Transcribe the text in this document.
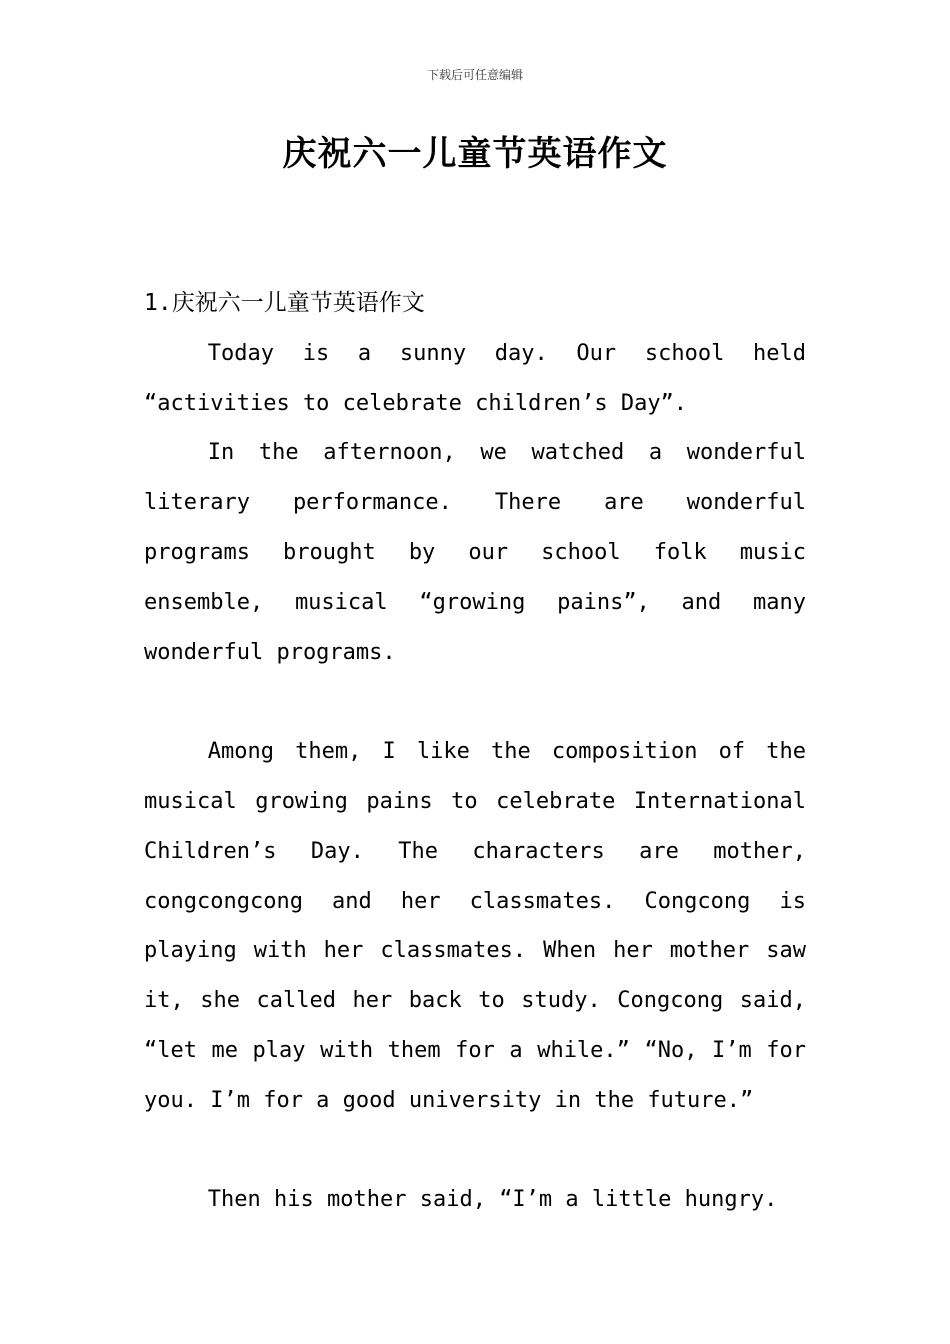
下载后可任意编辑
庆祝六一儿童节英语作文

1.庆祝六一儿童节英语作文

Today is a sunny day. Our school held “activities to celebrate children’s Day”.

In the afternoon, we watched a wonderful literary performance. There are wonderful programs brought by our school folk music ensemble, musical “growing pains”, and many wonderful programs.

Among them, I like the composition of the musical growing pains to celebrate International Children’s Day. The characters are mother, congcongcong and her classmates. Congcong is playing with her classmates. When her mother saw it, she called her back to study. Congcong said, “let me play with them for a while.” “No, I’m for you. I’m for a good university in the future.”

Then his mother said, “I’m a little hungry.
